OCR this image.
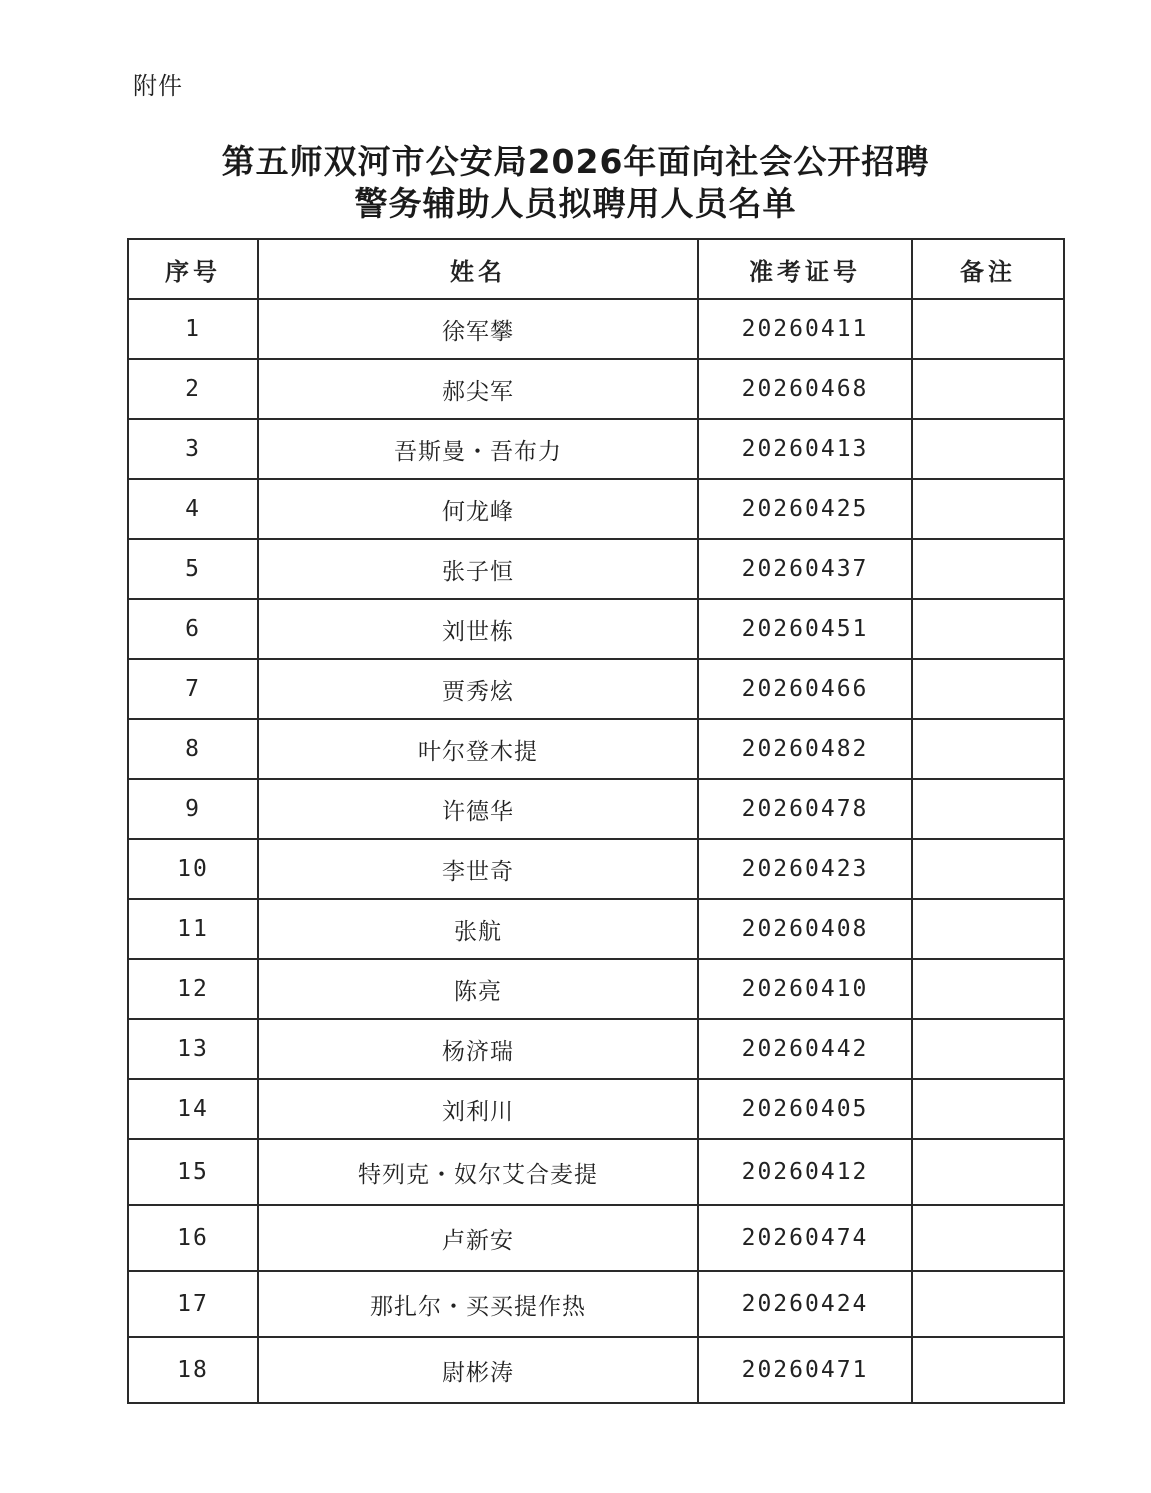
附件
第五师双河市公安局2026年面向社会公开招聘
警务辅助人员拟聘用人员名单
序号	姓名	准考证号	备注
1	徐军攀	20260411	
2	郝尖军	20260468	
3	吾斯曼・吾布力	20260413	
4	何龙峰	20260425	
5	张子恒	20260437	
6	刘世栋	20260451	
7	贾秀炫	20260466	
8	叶尔登木提	20260482	
9	许德华	20260478	
10	李世奇	20260423	
11	张航	20260408	
12	陈亮	20260410	
13	杨济瑞	20260442	
14	刘利川	20260405	
15	特列克・奴尔艾合麦提	20260412	
16	卢新安	20260474	
17	那扎尔・买买提作热	20260424	
18	尉彬涛	20260471	
